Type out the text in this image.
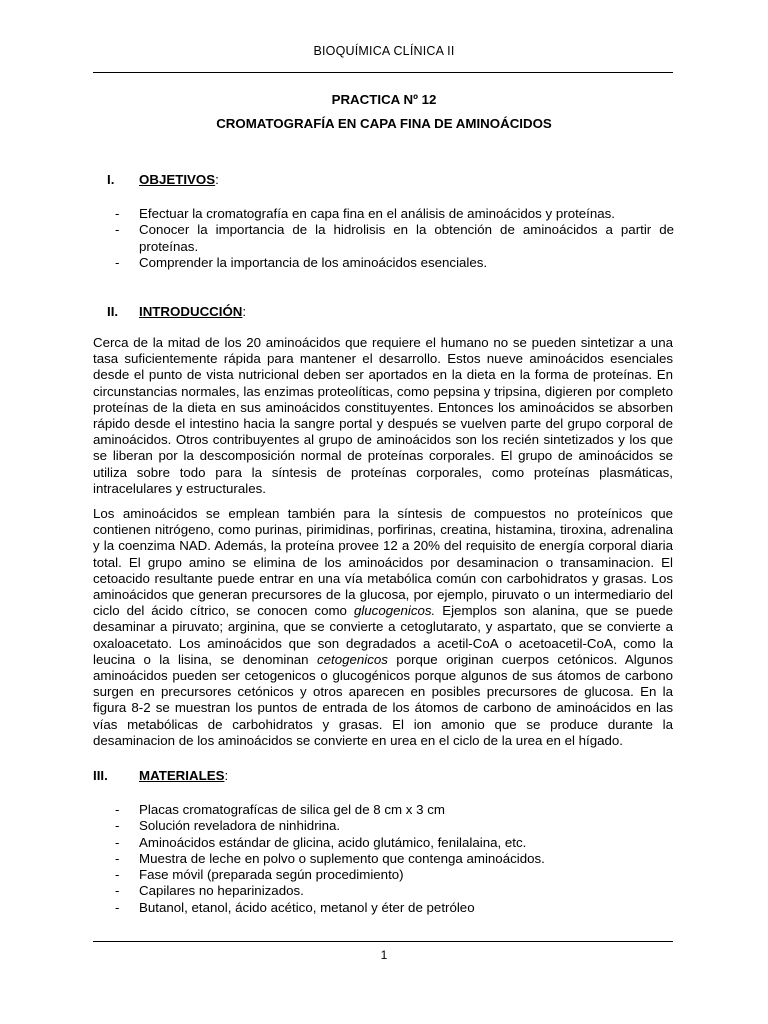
BIOQUÍMICA CLÍNICA II
PRACTICA Nº 12
CROMATOGRAFÍA EN CAPA FINA DE AMINOÁCIDOS
I. OBJETIVOS:
- Efectuar la cromatografía en capa fina en el análisis de aminoácidos y proteínas.
- Conocer la importancia de la hidrolisis en la obtención de aminoácidos a partir de proteínas.
- Comprender la importancia de los aminoácidos esenciales.
II. INTRODUCCIÓN:

Cerca de la mitad de los 20 aminoácidos que requiere el humano no se pueden sintetizar a una tasa suficientemente rápida para mantener el desarrollo. Estos nueve aminoácidos esenciales desde el punto de vista nutricional deben ser aportados en la dieta en la forma de proteínas. En circunstancias normales, las enzimas proteolíticas, como pepsina y tripsina, digieren por completo proteínas de la dieta en sus aminoácidos constituyentes. Entonces los aminoácidos se absorben rápido desde el intestino hacia la sangre portal y después se vuelven parte del grupo corporal de aminoácidos. Otros contribuyentes al grupo de aminoácidos son los recién sintetizados y los que se liberan por la descomposición normal de proteínas corporales. El grupo de aminoácidos se utiliza sobre todo para la síntesis de proteínas corporales, como proteínas plasmáticas, intracelulares y estructurales.

Los aminoácidos se emplean también para la síntesis de compuestos no proteínicos que contienen nitrógeno, como purinas, pirimidinas, porfirinas, creatina, histamina, tiroxina, adrenalina y la coenzima NAD. Además, la proteína provee 12 a 20% del requisito de energía corporal diaria total. El grupo amino se elimina de los aminoácidos por desaminacion o transaminacion. El cetoacido resultante puede entrar en una vía metabólica común con carbohidratos y grasas. Los aminoácidos que generan precursores de la glucosa, por ejemplo, piruvato o un intermediario del ciclo del ácido cítrico, se conocen como glucogenicos. Ejemplos son alanina, que se puede desaminar a piruvato; arginina, que se convierte a cetoglutarato, y aspartato, que se convierte a oxaloacetato. Los aminoácidos que son degradados a acetil-CoA o acetoacetil-CoA, como la leucina o la lisina, se denominan cetogenicos porque originan cuerpos cetónicos. Algunos aminoácidos pueden ser cetogenicos o glucogénicos porque algunos de sus átomos de carbono surgen en precursores cetónicos y otros aparecen en posibles precursores de glucosa. En la figura 8-2 se muestran los puntos de entrada de los átomos de carbono de aminoácidos en las vías metabólicas de carbohidratos y grasas. El ion amonio que se produce durante la desaminacion de los aminoácidos se convierte en urea en el ciclo de la urea en el hígado.

III. MATERIALES:
- Placas cromatografícas de silica gel de 8 cm x 3 cm
- Solución reveladora de ninhidrina.
- Aminoácidos estándar de glicina, acido glutámico, fenilalaina, etc.
- Muestra de leche en polvo o suplemento que contenga aminoácidos.
- Fase móvil (preparada según procedimiento)
- Capilares no heparinizados.
- Butanol, etanol, ácido acético, metanol y éter de petróleo
1
